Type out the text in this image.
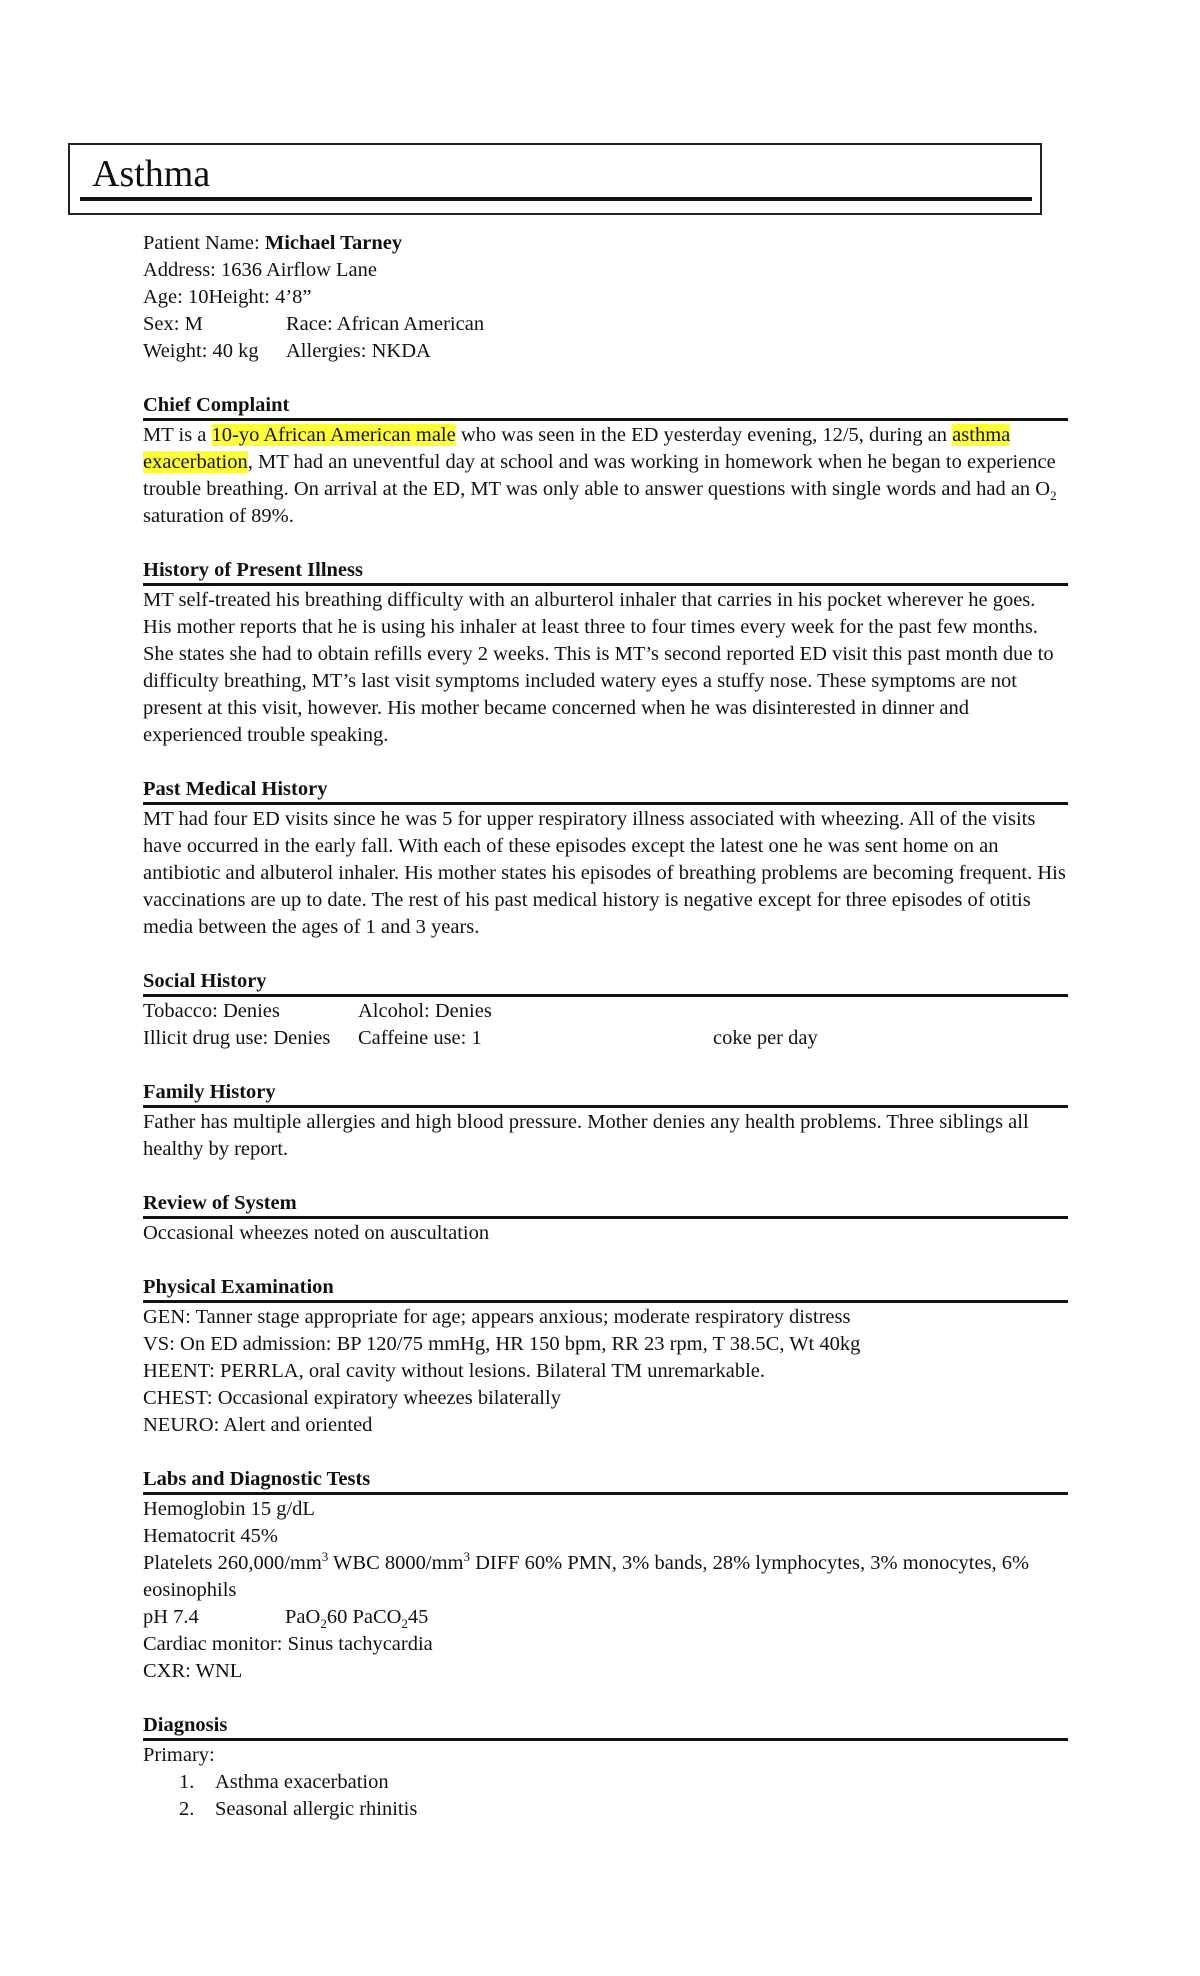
Asthma
Patient Name: Michael Tarney
Address: 1636 Airflow Lane
Age: 10Height: 4’8”
Sex: M	Race: African American
Weight: 40 kg Allergies: NKDA
Chief Complaint
MT is a 10-yo African American male who was seen in the ED yesterday evening, 12/5, during an asthma exacerbation, MT had an uneventful day at school and was working in homework when he began to experience trouble breathing. On arrival at the ED, MT was only able to answer questions with single words and had an $O_2$ saturation of 89%.
History of Present Illness
MT self-treated his breathing difficulty with an alburterol inhaler that carries in his pocket wherever he goes. His mother reports that he is using his inhaler at least three to four times every week for the past few months. She states she had to obtain refills every 2 weeks. This is MT’s second reported ED visit this past month due to difficulty breathing, MT’s last visit symptoms included watery eyes a stuffy nose. These symptoms are not present at this visit, however. His mother became concerned when he was disinterested in dinner and experienced trouble speaking.
Past Medical History
MT had four ED visits since he was 5 for upper respiratory illness associated with wheezing. All of the visits have occurred in the early fall. With each of these episodes except the latest one he was sent home on an antibiotic and albuterol inhaler. His mother states his episodes of breathing problems are becoming frequent. His vaccinations are up to date. The rest of his past medical history is negative except for three episodes of otitis media between the ages of 1 and 3 years.
Social History
Tobacco: Denies	Alcohol: Denies
Illicit drug use: Denies Caffeine use: 1	coke per day
Family History
Father has multiple allergies and high blood pressure. Mother denies any health problems. Three siblings all healthy by report.
Review of System
Occasional wheezes noted on auscultation
Physical Examination
GEN: Tanner stage appropriate for age; appears anxious; moderate respiratory distress
VS: On ED admission: BP 120/75 mmHg, HR 150 bpm, RR 23 rpm, T 38.5C, Wt 40kg
HEENT: PERRLA, oral cavity without lesions. Bilateral TM unremarkable.
CHEST: Occasional expiratory wheezes bilaterally
NEURO: Alert and oriented
Labs and Diagnostic Tests
Hemoglobin 15 g/dL
Hematocrit 45%
Platelets $260,000/mm^3$ WBC $8000/mm^3$ DIFF 60% PMN, 3% bands, 28% lymphocytes, 3% monocytes, 6% eosinophils
pH 7.4	PaO$_2$60 PaCO$_2$45
Cardiac monitor: Sinus tachycardia
CXR: WNL
Diagnosis
Primary:
1. Asthma exacerbation
2. Seasonal allergic rhinitis
